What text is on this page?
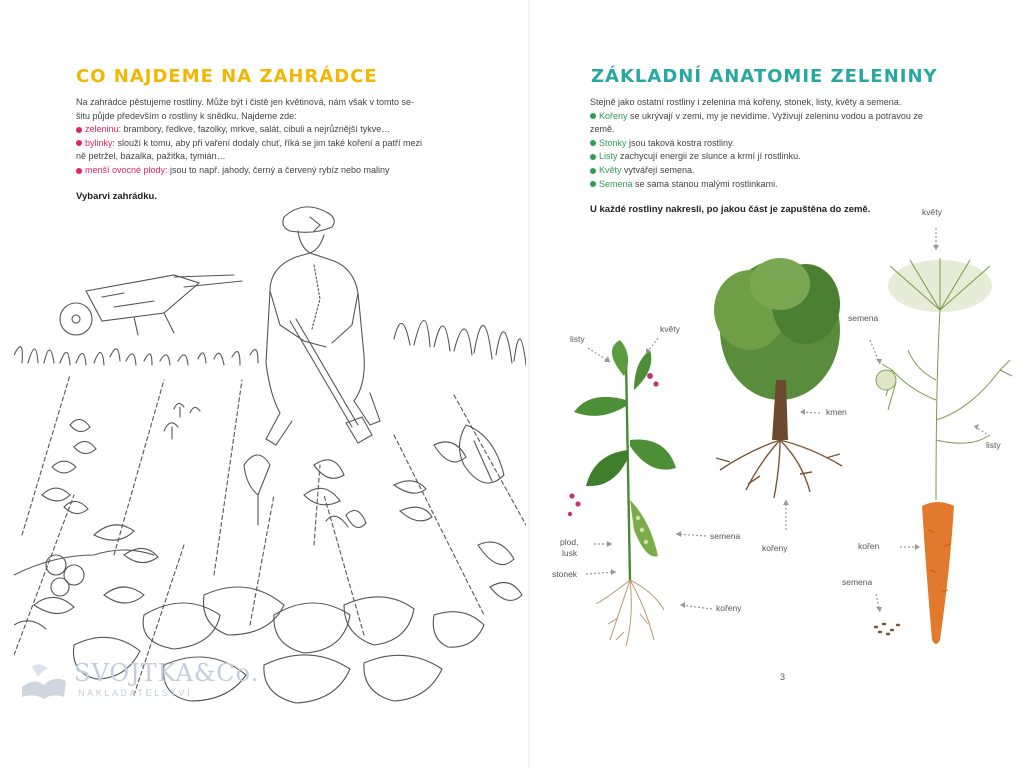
CO NAJDEME NA ZAHRÁDCE
Na zahrádce pěstujeme rostliny. Může být i čistě jen květinová, nám však v tomto se-
šitu půjde především o rostliny k snědku. Najdeme zde:
zeleninu: brambory, ředkve, fazolky, mrkve, salát, cibuli a nejrůznější tykve…
bylinky: slouží k tomu, aby při vaření dodaly chuť, říká se jim také koření a patří mezi
ně petržel, bazalka, pažitka, tymián…
menší ovocné plody: jsou to např. jahody, černý a červený rybíz nebo maliny

Vybarvi zahrádku.

SVOJTKA&Co.
NAKLADATELSTVÍ
ZÁKLADNÍ ANATOMIE ZELENINY
Stejně jako ostatní rostliny i zelenina má kořeny, stonek, listy, květy a semena.
Kořeny se ukrývají v zemi, my je nevidíme. Vyživují zeleninu vodou a potravou ze
země.
Stonky jsou taková kostra rostliny.
Listy zachycují energii ze slunce a krmí jí rostlinku.
Květy vytvářejí semena.
Semena se sama stanou malými rostlinkami.

U každé rostliny nakresli, po jakou část je zapuštěna do země.

listy
květy
plod,
lusk
stonek
semena
kořeny
kmen
kořeny
květy
semena
listy
kořen
semena
3
